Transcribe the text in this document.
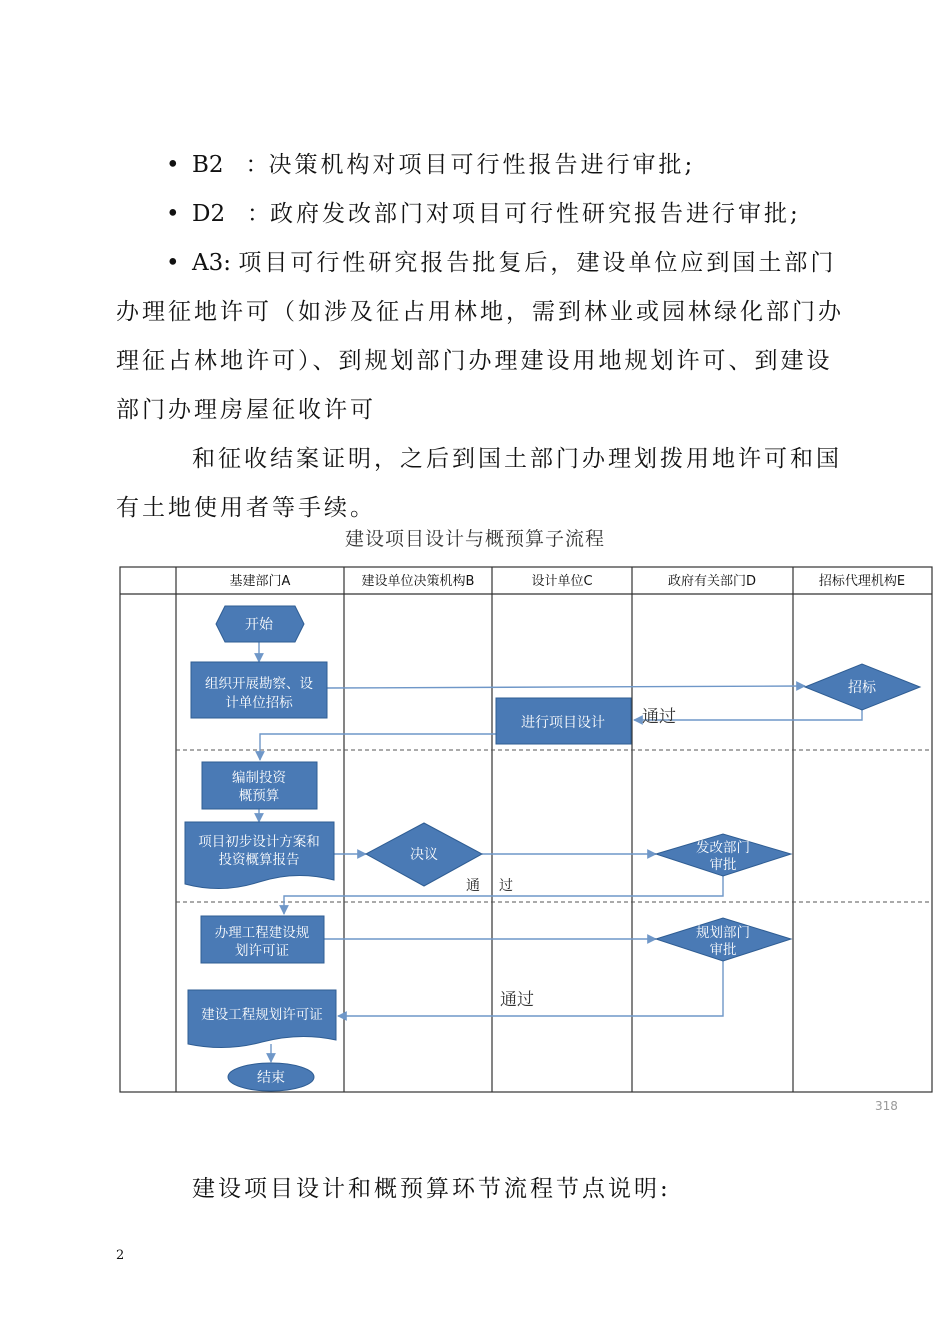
• B2 ：决策机构对项目可行性报告进行审批;
• D2 ：政府发改部门对项目可行性研究报告进行审批;
• A3: 项目可行性研究报告批复后，建设单位应到国土部门
办理征地许可（如涉及征占用林地，需到林业或园林绿化部门办
理征占林地许可）、到规划部门办理建设用地规划许可、到建设
部门办理房屋征收许可
和征收结案证明，之后到国土部门办理划拨用地许可和国
有土地使用者等手续。
建设项目设计与概预算子流程
基建部门A	建设单位决策机构B	设计单位C	政府有关部门D	招标代理机构E
开始
组织开展勘察、设
计单位招标
招标
进行项目设计 通过
编制投资
概预算
项目初步设计方案和
投资概算报告	决议	发改部门
审批
通 过
办理工程建设规
划许可证
规划部门
审批
通过
建设工程规划许可证
结束
318
建设项目设计和概预算环节流程节点说明:
2
